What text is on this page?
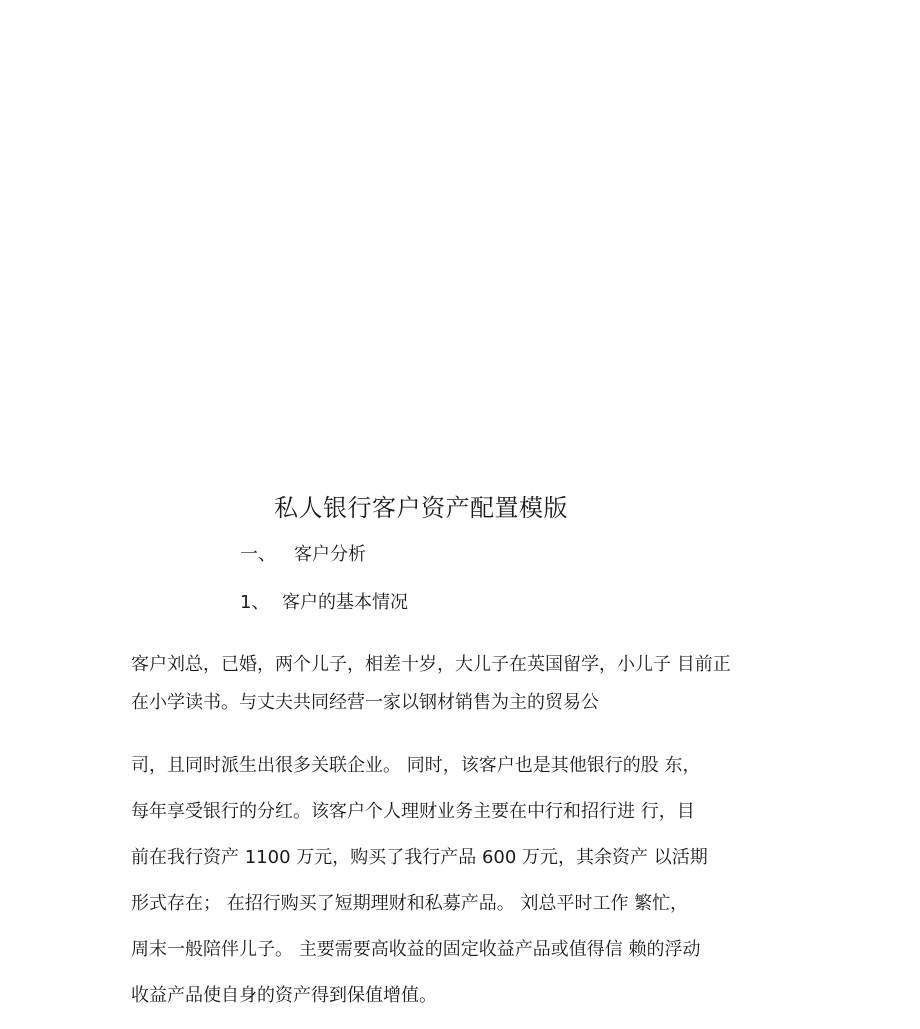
私人银行客户资产配置模版
一、 客户分析
1、 客户的基本情况
客户刘总，已婚，两个儿子，相差十岁，大儿子在英国留学，小儿子 目前正
在小学读书。与丈夫共同经营一家以钢材销售为主的贸易公
司，且同时派生出很多关联企业。 同时，该客户也是其他银行的股 东，
每年享受银行的分红。该客户个人理财业务主要在中行和招行进 行，目
前在我行资产 1100 万元，购买了我行产品 600 万元，其余资产 以活期
形式存在； 在招行购买了短期理财和私募产品。 刘总平时工作 繁忙，
周末一般陪伴儿子。 主要需要高收益的固定收益产品或值得信 赖的浮动
收益产品使自身的资产得到保值增值。
